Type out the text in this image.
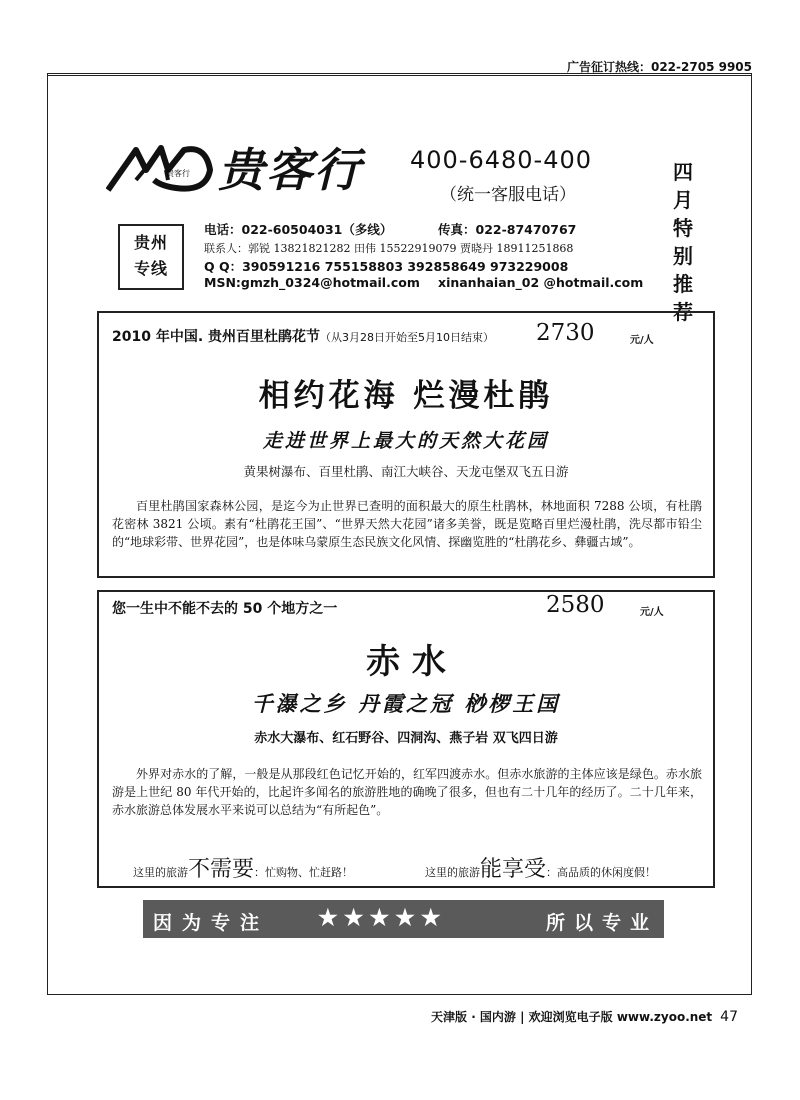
广告征订热线：022-2705 9905
贵客行 贵客行 400-6480-400
（统一客服电话）
四
月
特
别
推
荐
贵州
专线
电话：022-60504031（多线）	传真：022-87470767
联系人：郭锐 13821821282 田伟 15522919079 贾晓丹 18911251868
Q Q：390591216 755158803 392858649 973229008
MSN:gmzh_0324@hotmail.com xinanhaian_02 @hotmail.com
2010 年中国. 贵州百里杜鹃花节（从3月28日开始至5月10日结束） 2730	元/人
相约花海 烂漫杜鹃
走进世界上最大的天然大花园
黄果树瀑布、百里杜鹃、南江大峡谷、天龙屯堡双飞五日游
百里杜鹃国家森林公园，是迄今为止世界已查明的面积最大的原生杜鹃林，林地面积 7288 公顷，有杜鹃花密林 3821 公顷。素有“杜鹃花王国”、“世界天然大花园”诸多美誉，既是览略百里烂漫杜鹃，洗尽都市铅尘的“地球彩带、世界花园”，也是体味乌蒙原生态民族文化风情、探幽览胜的“杜鹃花乡、彝疆古域”。
您一生中不能不去的 50 个地方之一	2580	元/人
赤 水
千瀑之乡 丹霞之冠 桫椤王国
赤水大瀑布、红石野谷、四洞沟、燕子岩 双飞四日游
外界对赤水的了解，一般是从那段红色记忆开始的，红军四渡赤水。但赤水旅游的主体应该是绿色。赤水旅游是上世纪 80 年代开始的，比起许多闻名的旅游胜地的确晚了很多，但也有二十几年的经历了。二十几年来，赤水旅游总体发展水平来说可以总结为“有所起色”。
这里的旅游不需要：忙购物、忙赶路！	这里的旅游能享受：高品质的休闲度假！
因为专注 ★★★★★	所以专业
天津版 · 国内游 | 欢迎浏览电子版 www.zyoo.net 47
